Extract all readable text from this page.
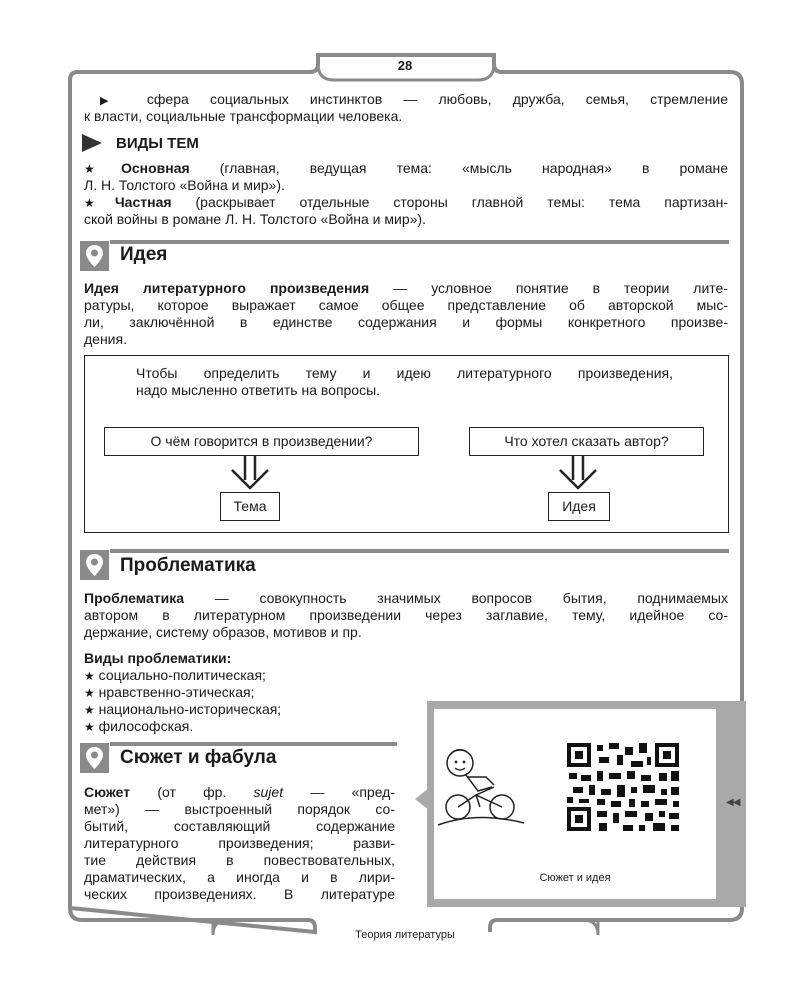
28
▶ сфера социальных инстинктов — любовь, дружба, семья, стремление
к власти, социальные трансформации человека.
ВИДЫ ТЕМ
★Основная (главная, ведущая тема: «мысль народная» в романе
Л. Н. Толстого «Война и мир»).
★Частная (раскрывает отдельные стороны главной темы: тема партизан-
ской войны в романе Л. Н. Толстого «Война и мир»).
Идея
Идея литературного произведения — условное понятие в теории лите-
ратуры, которое выражает самое общее представление об авторской мыс-
ли, заключённой в единстве содержания и формы конкретного произве-
дения.
Чтобы определить тему и идею литературного произведения,
надо мысленно ответить на вопросы.
О чём говорится в произведении?	Что хотел сказать автор?
Тема	Идея
Проблематика
Проблематика — совокупность значимых вопросов бытия, поднимаемых
автором в литературном произведении через заглавие, тему, идейное со-
держание, систему образов, мотивов и пр.
Виды проблематики:
★ социально-политическая;
★ нравственно-этическая;
★ национально-историческая;
★ философская.
Сюжет и фабула
Сюжет (от фр. sujet — «пред-
мет») — выстроенный порядок со-
бытий, составляющий содержание
литературного произведения; разви-
тие действия в повествовательных,
драматических, а иногда и в лири-
ческих произведениях. В литературе
Сюжет и идея
◀◀
Теория литературы
